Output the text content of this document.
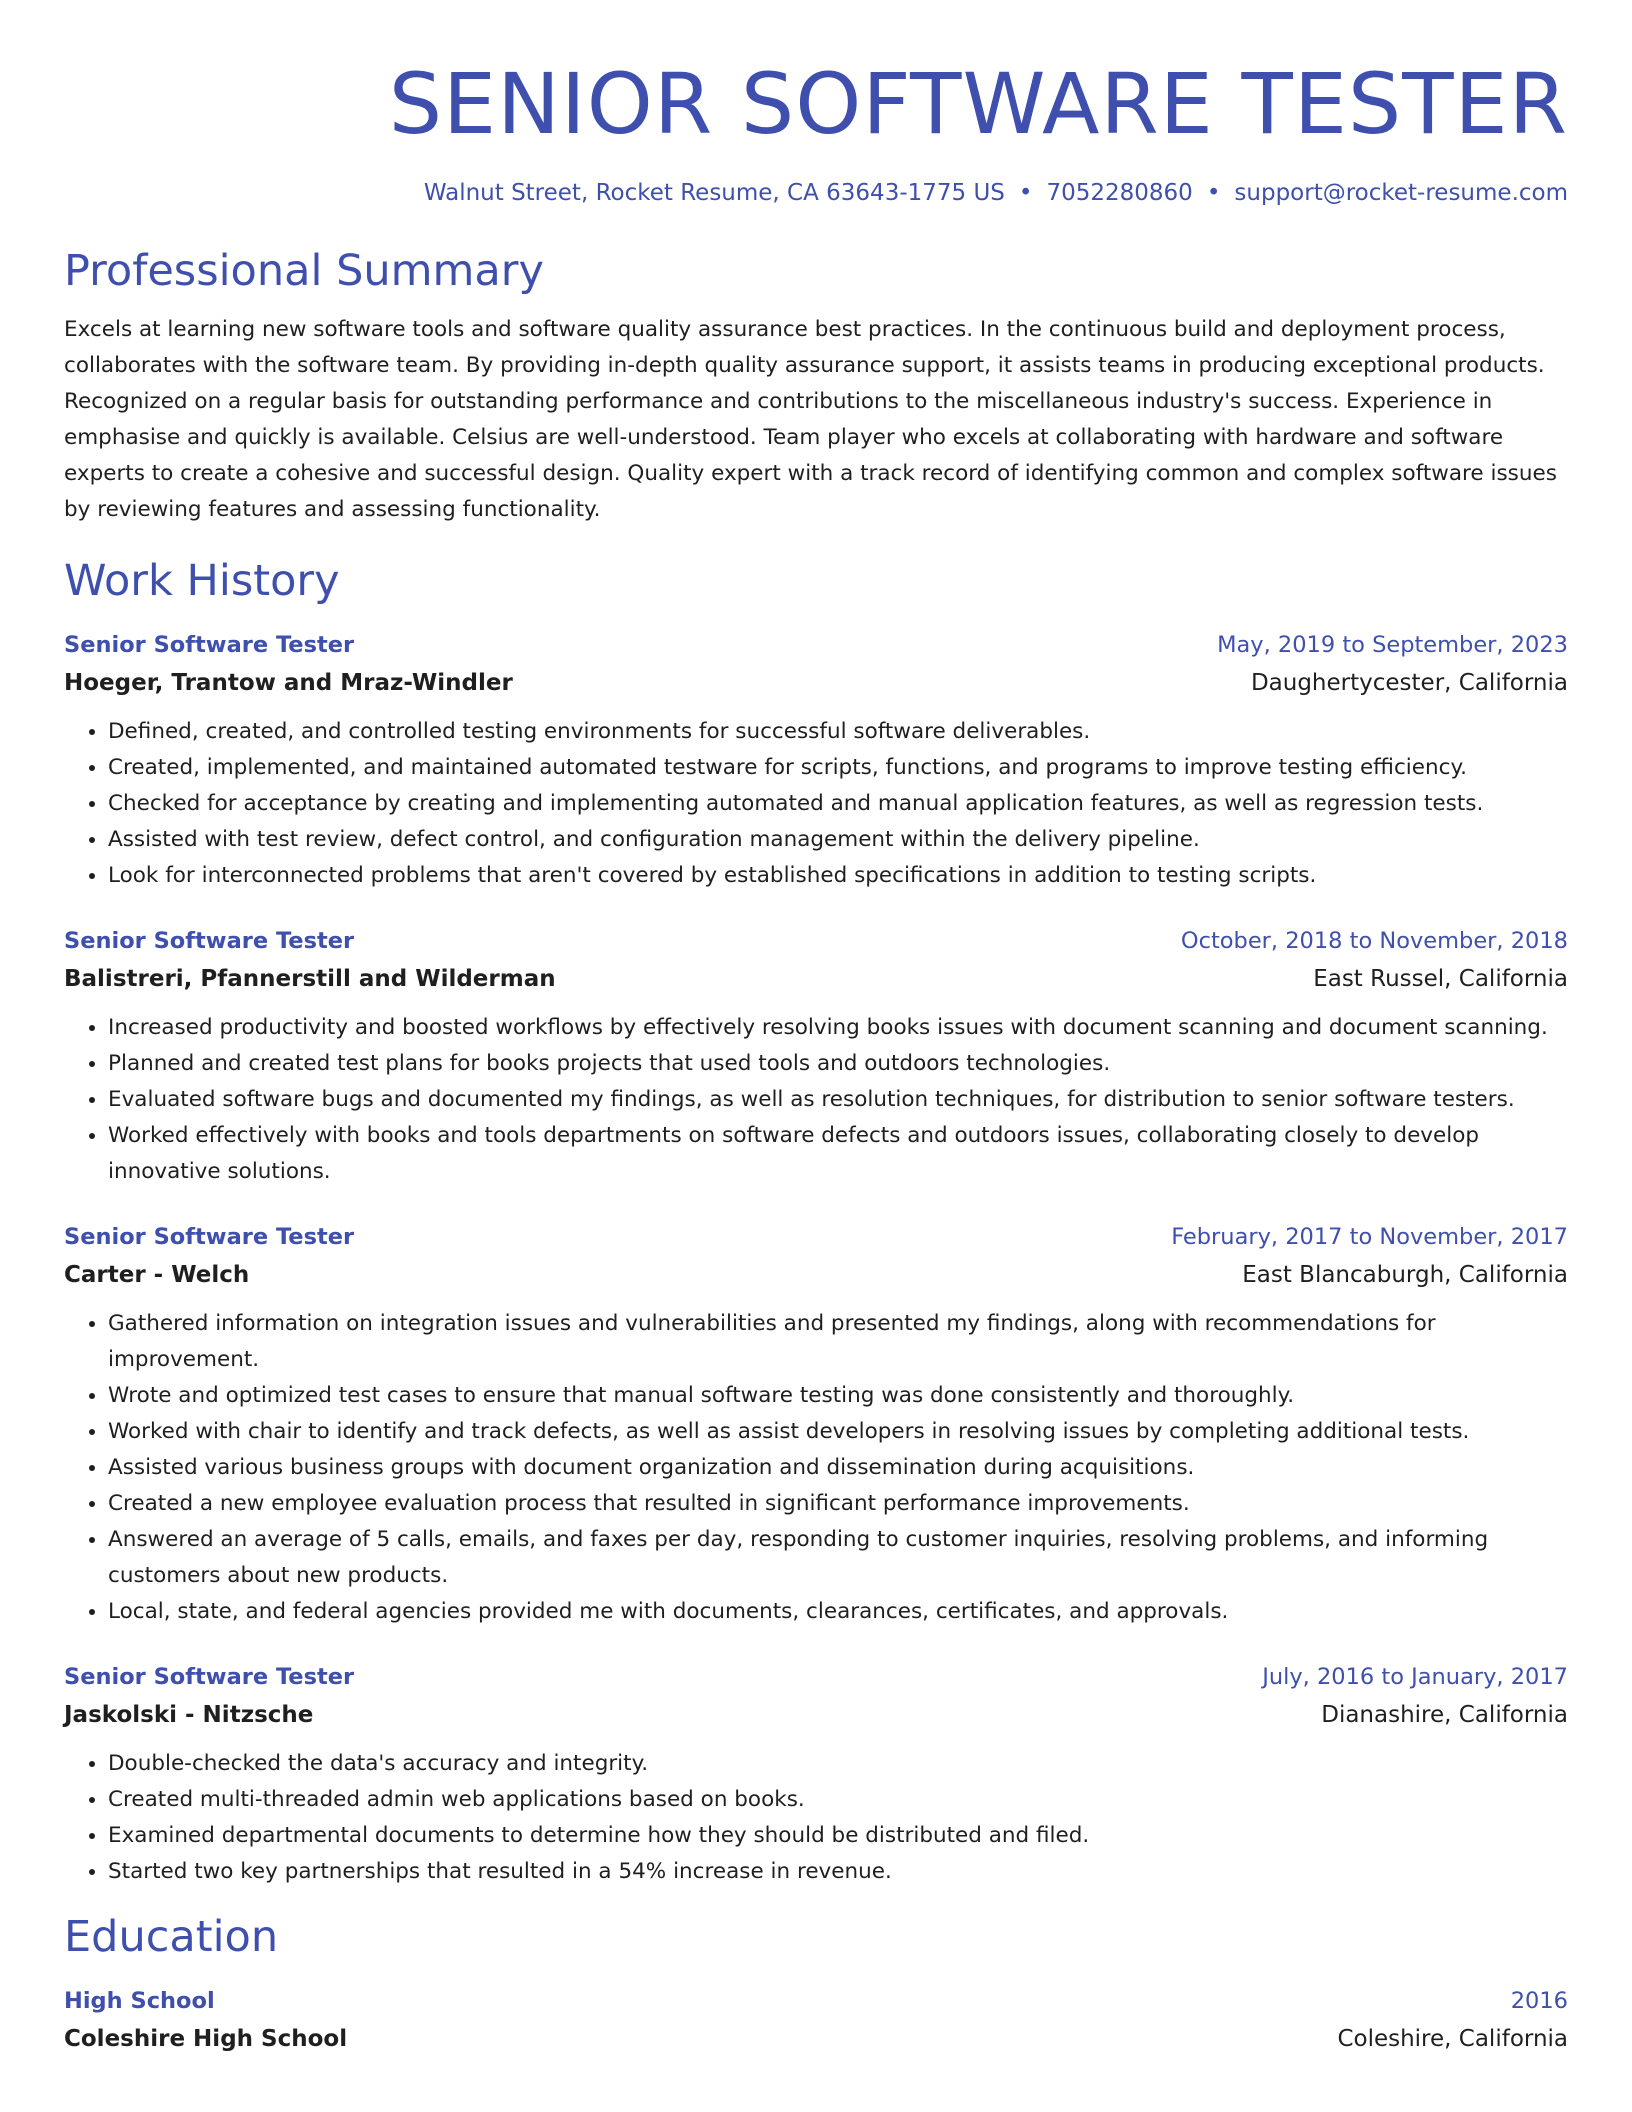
SENIOR SOFTWARE TESTER
Walnut Street, Rocket Resume, CA 63643-1775 US • 7052280860 • support@rocket-resume.com
Professional Summary
Excels at learning new software tools and software quality assurance best practices. In the continuous build and deployment process, collaborates with the software team. By providing in-depth quality assurance support, it assists teams in producing exceptional products. Recognized on a regular basis for outstanding performance and contributions to the miscellaneous industry's success. Experience in emphasise and quickly is available. Celsius are well-understood. Team player who excels at collaborating with hardware and software experts to create a cohesive and successful design. Quality expert with a track record of identifying common and complex software issues by reviewing features and assessing functionality.
Work History
Senior Software Tester	May, 2019 to September, 2023
Hoeger, Trantow and Mraz-Windler	Daughertycester, California
• Defined, created, and controlled testing environments for successful software deliverables.
• Created, implemented, and maintained automated testware for scripts, functions, and programs to improve testing efficiency.
• Checked for acceptance by creating and implementing automated and manual application features, as well as regression tests.
• Assisted with test review, defect control, and configuration management within the delivery pipeline.
• Look for interconnected problems that aren't covered by established specifications in addition to testing scripts.
Senior Software Tester	October, 2018 to November, 2018
Balistreri, Pfannerstill and Wilderman	East Russel, California
• Increased productivity and boosted workflows by effectively resolving books issues with document scanning and document scanning.
• Planned and created test plans for books projects that used tools and outdoors technologies.
• Evaluated software bugs and documented my findings, as well as resolution techniques, for distribution to senior software testers.
• Worked effectively with books and tools departments on software defects and outdoors issues, collaborating closely to develop innovative solutions.
Senior Software Tester	February, 2017 to November, 2017
Carter - Welch	East Blancaburgh, California
• Gathered information on integration issues and vulnerabilities and presented my findings, along with recommendations for improvement.
• Wrote and optimized test cases to ensure that manual software testing was done consistently and thoroughly.
• Worked with chair to identify and track defects, as well as assist developers in resolving issues by completing additional tests.
• Assisted various business groups with document organization and dissemination during acquisitions.
• Created a new employee evaluation process that resulted in significant performance improvements.
• Answered an average of 5 calls, emails, and faxes per day, responding to customer inquiries, resolving problems, and informing customers about new products.
• Local, state, and federal agencies provided me with documents, clearances, certificates, and approvals.
Senior Software Tester	July, 2016 to January, 2017
Jaskolski - Nitzsche	Dianashire, California
• Double-checked the data's accuracy and integrity.
• Created multi-threaded admin web applications based on books.
• Examined departmental documents to determine how they should be distributed and filed.
• Started two key partnerships that resulted in a 54% increase in revenue.
Education
High School	2016
Coleshire High School	Coleshire, California
